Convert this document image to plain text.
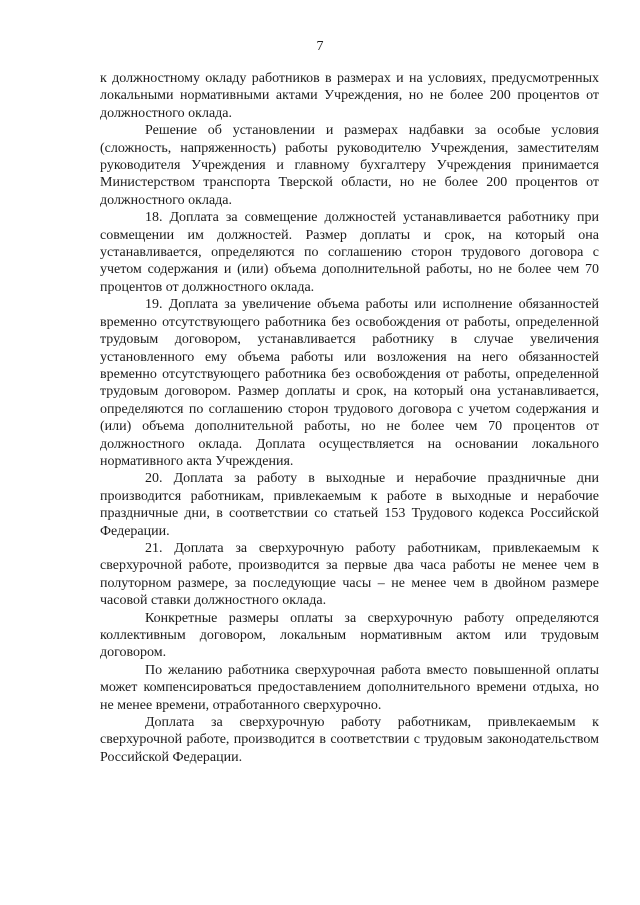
7

к должностному окладу работников в размерах и на условиях, предусмотренных локальными нормативными актами Учреждения, но не более 200 процентов от должностного оклада.

Решение об установлении и размерах надбавки за особые условия (сложность, напряженность) работы руководителю Учреждения, заместителям руководителя Учреждения и главному бухгалтеру Учреждения принимается Министерством транспорта Тверской области, но не более 200 процентов от должностного оклада.

18. Доплата за совмещение должностей устанавливается работнику при совмещении им должностей. Размер доплаты и срок, на который она устанавливается, определяются по соглашению сторон трудового договора с учетом содержания и (или) объема дополнительной работы, но не более чем 70 процентов от должностного оклада.

19. Доплата за увеличение объема работы или исполнение обязанностей временно отсутствующего работника без освобождения от работы, определенной трудовым договором, устанавливается работнику в случае увеличения установленного ему объема работы или возложения на него обязанностей временно отсутствующего работника без освобождения от работы, определенной трудовым договором. Размер доплаты и срок, на который она устанавливается, определяются по соглашению сторон трудового договора с учетом содержания и (или) объема дополнительной работы, но не более чем 70 процентов от должностного оклада. Доплата осуществляется на основании локального нормативного акта Учреждения.

20. Доплата за работу в выходные и нерабочие праздничные дни производится работникам, привлекаемым к работе в выходные и нерабочие праздничные дни, в соответствии со статьей 153 Трудового кодекса Российской Федерации.

21. Доплата за сверхурочную работу работникам, привлекаемым к сверхурочной работе, производится за первые два часа работы не менее чем в полуторном размере, за последующие часы – не менее чем в двойном размере часовой ставки должностного оклада.

Конкретные размеры оплаты за сверхурочную работу определяются коллективным договором, локальным нормативным актом или трудовым договором.

По желанию работника сверхурочная работа вместо повышенной оплаты может компенсироваться предоставлением дополнительного времени отдыха, но не менее времени, отработанного сверхурочно.

Доплата за сверхурочную работу работникам, привлекаемым к сверхурочной работе, производится в соответствии с трудовым законодательством Российской Федерации.
